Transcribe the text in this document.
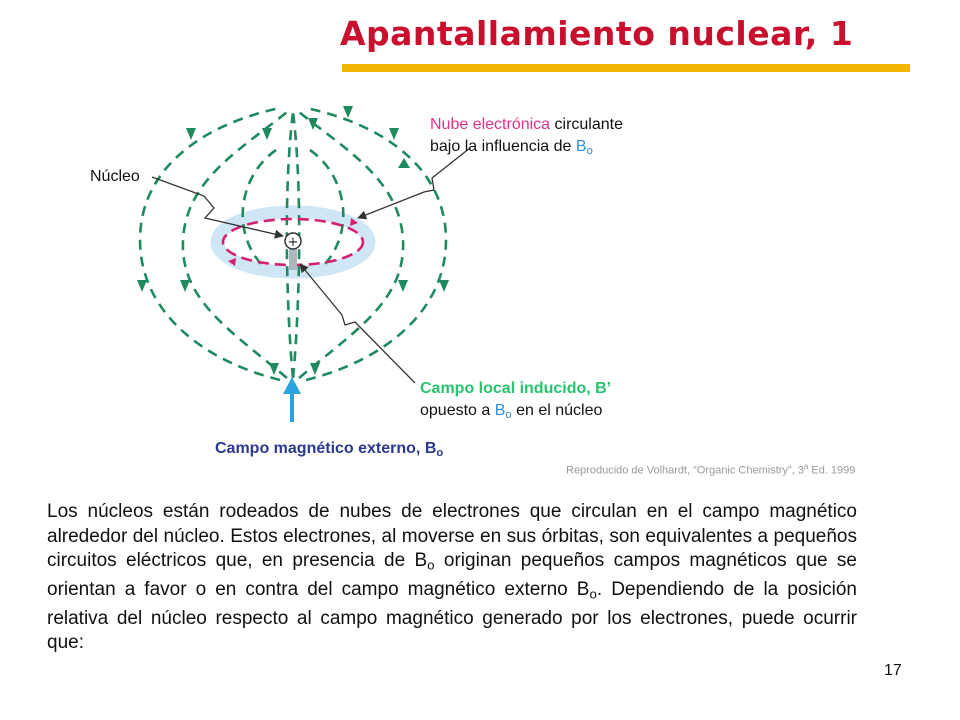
Apantallamiento nuclear, 1
+
Núcleo
Nube electrónica circulante
bajo la influencia de $B_o$
Campo local inducido, B’
opuesto a $B_o$ en el núcleo
Campo magnético externo, $B_o$
Reproducido de Volhardt, “Organic Chemistry”, 3$^a$ Ed. 1999
Los núcleos están rodeados de nubes de electrones que circulan en el campo magnético alrededor del núcleo. Estos electrones, al moverse en sus órbitas, son equivalentes a pequeños circuitos eléctricos que, en presencia de $B_o$ originan pequeños campos magnéticos que se orientan a favor o en contra del campo magnético externo $B_o$. Dependiendo de la posición relativa del núcleo respecto al campo magnético generado por los electrones, puede ocurrir que:
17
